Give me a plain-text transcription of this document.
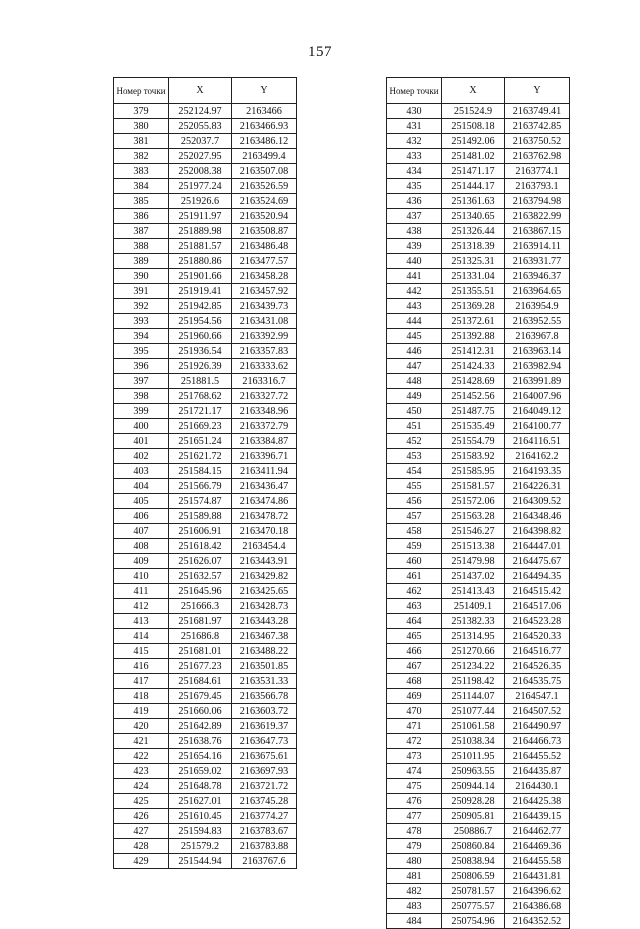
157
Номер точки	X	Y
379	252124.97	2163466
380	252055.83	2163466.93
381	252037.7	2163486.12
382	252027.95	2163499.4
383	252008.38	2163507.08
384	251977.24	2163526.59
385	251926.6	2163524.69
386	251911.97	2163520.94
387	251889.98	2163508.87
388	251881.57	2163486.48
389	251880.86	2163477.57
390	251901.66	2163458.28
391	251919.41	2163457.92
392	251942.85	2163439.73
393	251954.56	2163431.08
394	251960.66	2163392.99
395	251936.54	2163357.83
396	251926.39	2163333.62
397	251881.5	2163316.7
398	251768.62	2163327.72
399	251721.17	2163348.96
400	251669.23	2163372.79
401	251651.24	2163384.87
402	251621.72	2163396.71
403	251584.15	2163411.94
404	251566.79	2163436.47
405	251574.87	2163474.86
406	251589.88	2163478.72
407	251606.91	2163470.18
408	251618.42	2163454.4
409	251626.07	2163443.91
410	251632.57	2163429.82
411	251645.96	2163425.65
412	251666.3	2163428.73
413	251681.97	2163443.28
414	251686.8	2163467.38
415	251681.01	2163488.22
416	251677.23	2163501.85
417	251684.61	2163531.33
418	251679.45	2163566.78
419	251660.06	2163603.72
420	251642.89	2163619.37
421	251638.76	2163647.73
422	251654.16	2163675.61
423	251659.02	2163697.93
424	251648.78	2163721.72
425	251627.01	2163745.28
426	251610.45	2163774.27
427	251594.83	2163783.67
428	251579.2	2163783.88
429	251544.94	2163767.6
Номер точки	X	Y
430	251524.9	2163749.41
431	251508.18	2163742.85
432	251492.06	2163750.52
433	251481.02	2163762.98
434	251471.17	2163774.1
435	251444.17	2163793.1
436	251361.63	2163794.98
437	251340.65	2163822.99
438	251326.44	2163867.15
439	251318.39	2163914.11
440	251325.31	2163931.77
441	251331.04	2163946.37
442	251355.51	2163964.65
443	251369.28	2163954.9
444	251372.61	2163952.55
445	251392.88	2163967.8
446	251412.31	2163963.14
447	251424.33	2163982.94
448	251428.69	2163991.89
449	251452.56	2164007.96
450	251487.75	2164049.12
451	251535.49	2164100.77
452	251554.79	2164116.51
453	251583.92	2164162.2
454	251585.95	2164193.35
455	251581.57	2164226.31
456	251572.06	2164309.52
457	251563.28	2164348.46
458	251546.27	2164398.82
459	251513.38	2164447.01
460	251479.98	2164475.67
461	251437.02	2164494.35
462	251413.43	2164515.42
463	251409.1	2164517.06
464	251382.33	2164523.28
465	251314.95	2164520.33
466	251270.66	2164516.77
467	251234.22	2164526.35
468	251198.42	2164535.75
469	251144.07	2164547.1
470	251077.44	2164507.52
471	251061.58	2164490.97
472	251038.34	2164466.73
473	251011.95	2164455.52
474	250963.55	2164435.87
475	250944.14	2164430.1
476	250928.28	2164425.38
477	250905.81	2164439.15
478	250886.7	2164462.77
479	250860.84	2164469.36
480	250838.94	2164455.58
481	250806.59	2164431.81
482	250781.57	2164396.62
483	250775.57	2164386.68
484	250754.96	2164352.52
